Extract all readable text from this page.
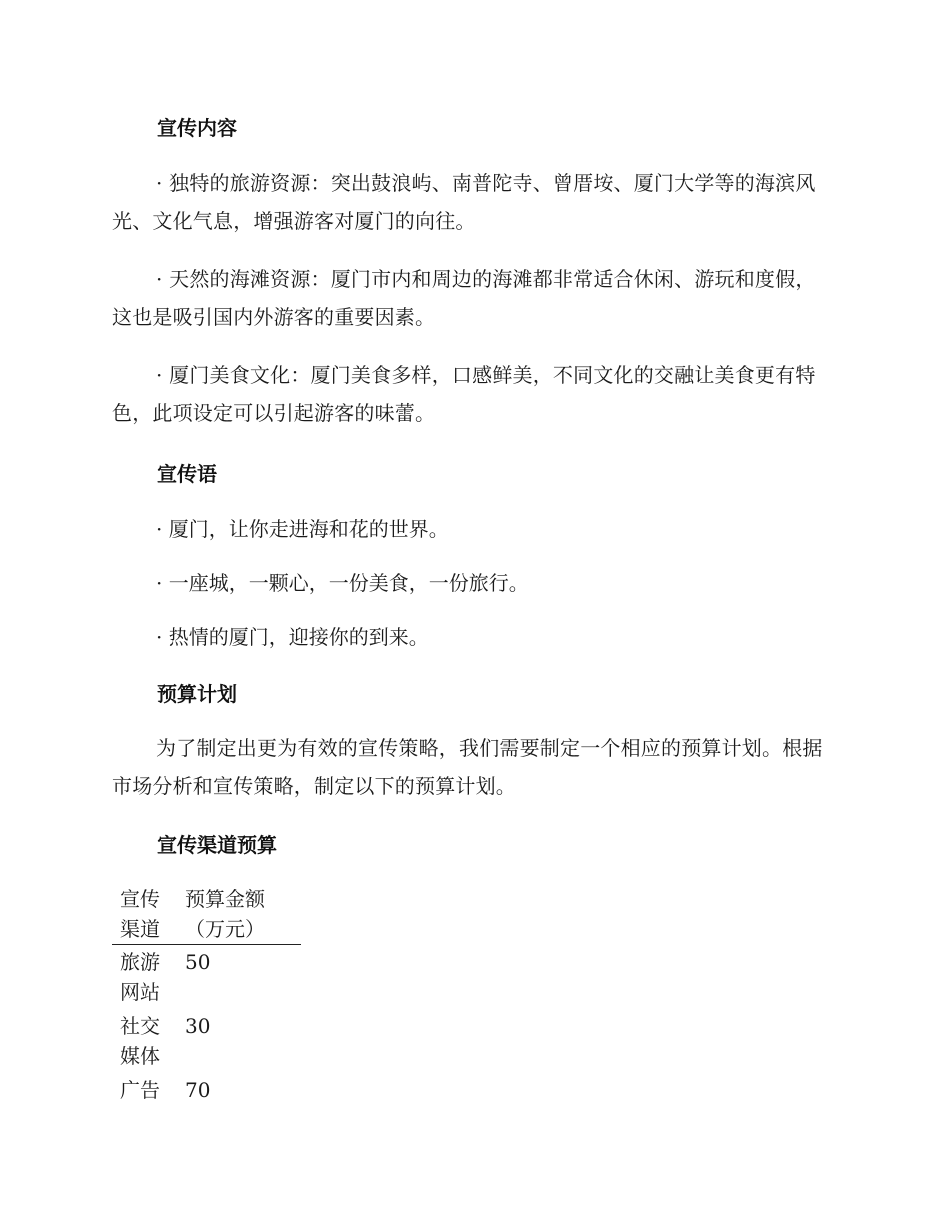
宣传内容
· 独特的旅游资源：突出鼓浪屿、南普陀寺、曾厝垵、厦门大学等的海滨风光、文化气息，增强游客对厦门的向往。
· 天然的海滩资源：厦门市内和周边的海滩都非常适合休闲、游玩和度假，这也是吸引国内外游客的重要因素。
· 厦门美食文化：厦门美食多样，口感鲜美，不同文化的交融让美食更有特色，此项设定可以引起游客的味蕾。
宣传语
· 厦门，让你走进海和花的世界。
· 一座城，一颗心，一份美食，一份旅行。
· 热情的厦门，迎接你的到来。
预算计划
为了制定出更为有效的宣传策略，我们需要制定一个相应的预算计划。根据市场分析和宣传策略，制定以下的预算计划。
宣传渠道预算
宣传渠道	预算金额（万元）
旅游网站	50
社交媒体	30
广告	70
